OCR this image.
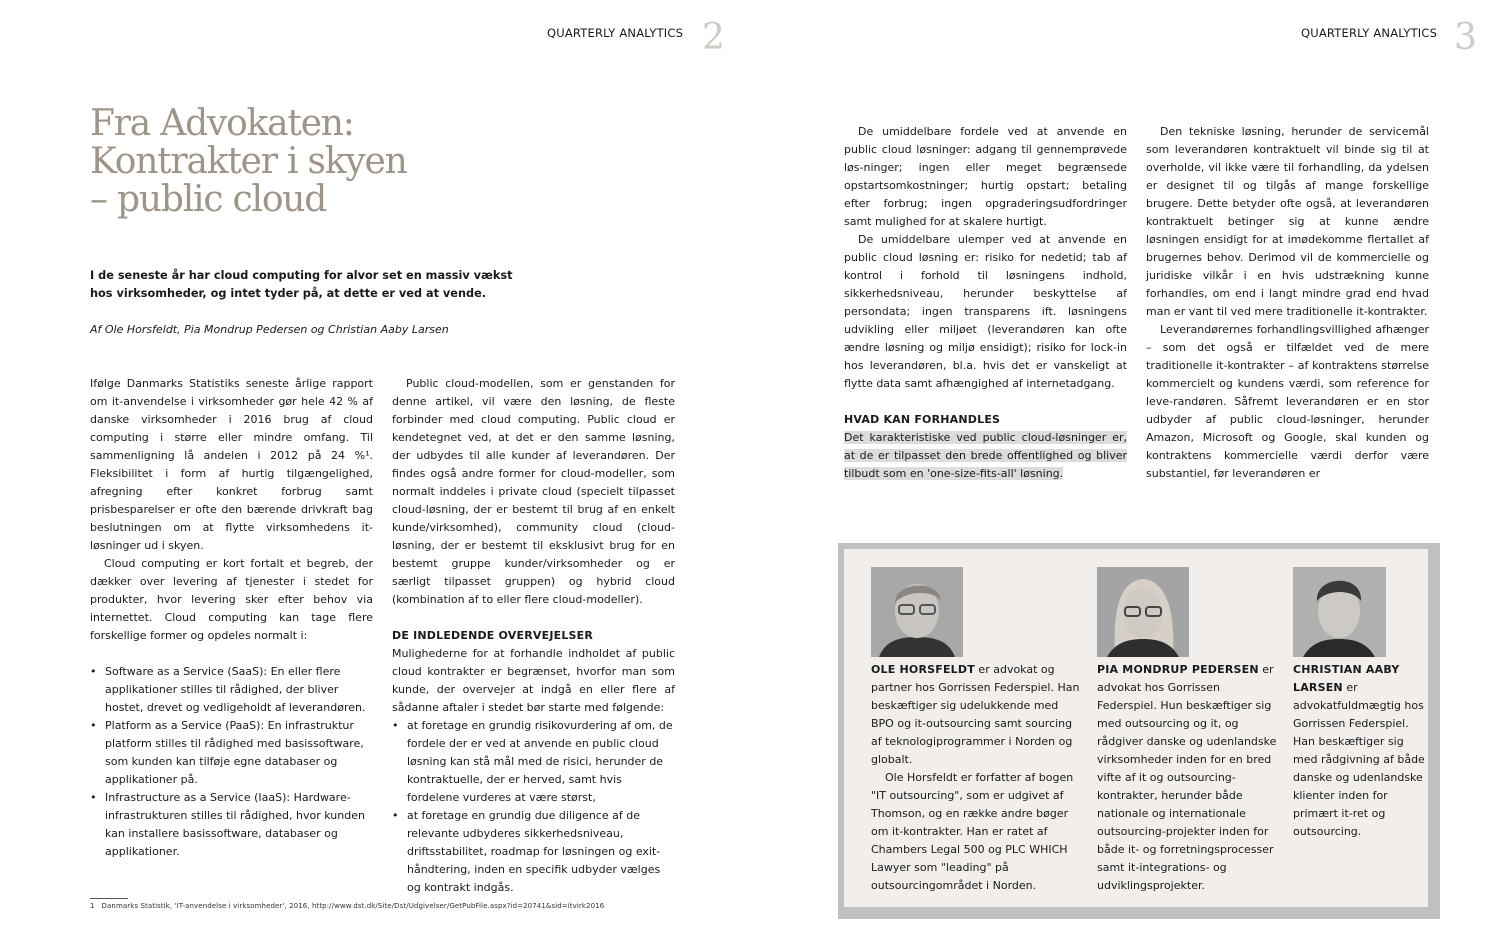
QUARTERLY ANALYTICS 2
Fra Advokaten:
Kontrakter i skyen
– public cloud
I de seneste år har cloud computing for alvor set en massiv vækst hos virksomheder, og intet tyder på, at dette er ved at vende.
Af Ole Horsfeldt, Pia Mondrup Pedersen og Christian Aaby Larsen

Ifølge Danmarks Statistiks seneste årlige rapport om it-anvendelse i virksomheder gør hele 42 % af danske virksomheder i 2016 brug af cloud computing i større eller mindre omfang. Til sammenligning lå andelen i 2012 på 24 %¹. Fleksibilitet i form af hurtig tilgængelighed, afregning efter konkret forbrug samt prisbesparelser er ofte den bærende drivkraft bag beslutningen om at flytte virksomhedens it-løsninger ud i skyen.

Cloud computing er kort fortalt et begreb, der dækker over levering af tjenester i stedet for produkter, hvor levering sker efter behov via internettet. Cloud computing kan tage flere forskellige former og opdeles normalt i:

• Software as a Service (SaaS): En eller flere applikationer stilles til rådighed, der bliver hostet, drevet og vedligeholdt af leverandøren.
• Platform as a Service (PaaS): En infrastruktur platform stilles til rådighed med basissoftware, som kunden kan tilføje egne databaser og applikationer på.
• Infrastructure as a Service (IaaS): Hardware-infrastrukturen stilles til rådighed, hvor kunden kan installere basissoftware, databaser og applikationer.

Public cloud-modellen, som er genstanden for denne artikel, vil være den løsning, de fleste forbinder med cloud computing. Public cloud er kendetegnet ved, at det er den samme løsning, der udbydes til alle kunder af leverandøren. Der findes også andre former for cloud-modeller, som normalt inddeles i private cloud (specielt tilpasset cloud-løsning, der er bestemt til brug af en enkelt kunde/virksomhed), community cloud (cloud-løsning, der er bestemt til eksklusivt brug for en bestemt gruppe kunder/virksomheder og er særligt tilpasset gruppen) og hybrid cloud (kombination af to eller flere cloud-modeller).

DE INDLEDENDE OVERVEJELSER

Mulighederne for at forhandle indholdet af public cloud kontrakter er begrænset, hvorfor man som kunde, der overvejer at indgå en eller flere af sådanne aftaler i stedet bør starte med følgende:

• at foretage en grundig risikovurdering af om, de fordele der er ved at anvende en public cloud løsning kan stå mål med de risici, herunder de kontraktuelle, der er herved, samt hvis fordelene vurderes at være størst,
• at foretage en grundig due diligence af de relevante udbyderes sikkerhedsniveau, driftsstabilitet, roadmap for løsningen og exit-håndtering, inden en specifik udbyder vælges og kontrakt indgås.
1   Danmarks Statistik, 'IT-anvendelse i virksomheder', 2016, http://www.dst.dk/Site/Dst/Udgivelser/GetPubFile.aspx?id=20741&sid=itvirk2016
QUARTERLY ANALYTICS 3

De umiddelbare fordele ved at anvende en public cloud løsninger: adgang til gennemprøvede løs-ninger; ingen eller meget begrænsede opstartsomkostninger; hurtig opstart; betaling efter forbrug; ingen opgraderingsudfordringer samt mulighed for at skalere hurtigt.

De umiddelbare ulemper ved at anvende en public cloud løsning er: risiko for nedetid; tab af kontrol i forhold til løsningens indhold, sikkerhedsniveau, herunder beskyttelse af persondata; ingen transparens ift. løsningens udvikling eller miljøet (leverandøren kan ofte ændre løsning og miljø ensidigt); risiko for lock-in hos leverandøren, bl.a. hvis det er vanskeligt at flytte data samt afhængighed af internetadgang.

HVAD KAN FORHANDLES

Det karakteristiske ved public cloud-løsninger er, at de er tilpasset den brede offentlighed og bliver tilbudt som en 'one-size-fits-all' løsning.

Den tekniske løsning, herunder de servicemål som leverandøren kontraktuelt vil binde sig til at overholde, vil ikke være til forhandling, da ydelsen er designet til og tilgås af mange forskellige brugere. Dette betyder ofte også, at leverandøren kontraktuelt betinger sig at kunne ændre løsningen ensidigt for at imødekomme flertallet af brugernes behov. Derimod vil de kommercielle og juridiske vilkår i en hvis udstrækning kunne forhandles, om end i langt mindre grad end hvad man er vant til ved mere traditionelle it-kontrakter.

Leverandørernes forhandlingsvillighed afhænger – som det også er tilfældet ved de mere traditionelle it-kontrakter – af kontraktens størrelse kommercielt og kundens værdi, som reference for leve-randøren. Såfremt leverandøren er en stor udbyder af public cloud-løsninger, herunder Amazon, Microsoft og Google, skal kunden og kontraktens kommercielle værdi derfor være substantiel, før leverandøren er

OLE HORSFELDT er advokat og partner hos Gorrissen Federspiel. Han beskæftiger sig udelukkende med BPO og it-outsourcing samt sourcing af teknologiprogrammer i Norden og globalt.
Ole Horsfeldt er forfatter af bogen "IT outsourcing", som er udgivet af Thomson, og en række andre bøger om it-kontrakter. Han er ratet af Chambers Legal 500 og PLC WHICH Lawyer som "leading" på outsourcingområdet i Norden.
PIA MONDRUP PEDERSEN er advokat hos Gorrissen Federspiel. Hun beskæftiger sig med outsourcing og it, og rådgiver danske og udenlandske virksomheder inden for en bred vifte af it og outsourcing-kontrakter, herunder både nationale og internationale outsourcing-projekter inden for både it- og forretningsprocesser samt it-integrations- og udviklingsprojekter.
CHRISTIAN AABY LARSEN er advokatfuldmægtig hos Gorrissen Federspiel. Han beskæftiger sig med rådgivning af både danske og udenlandske klienter inden for primært it-ret og outsourcing.
